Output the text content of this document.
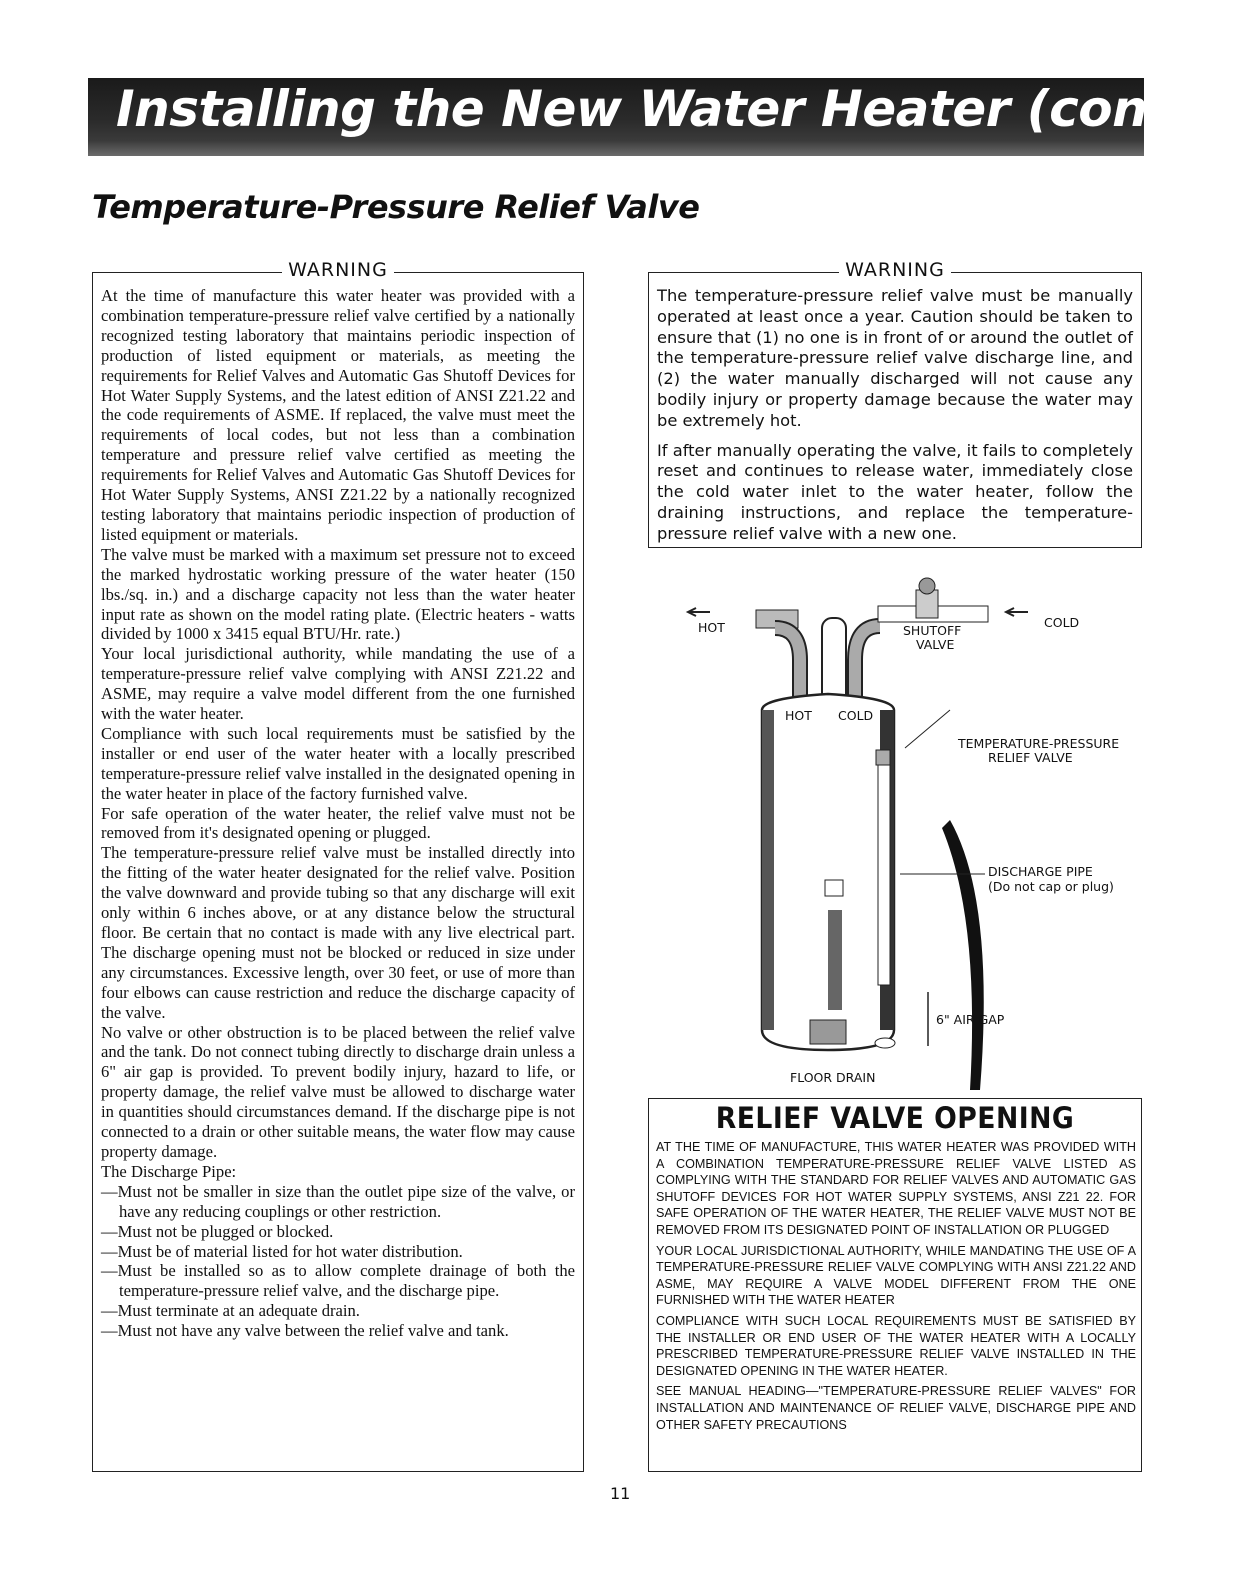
Installing the New Water Heater (cont'd)
Temperature-Pressure Relief Valve
WARNING

At the time of manufacture this water heater was provided with a combination temperature-pressure relief valve certified by a nationally recognized testing laboratory that maintains periodic inspection of production of listed equipment or materials, as meeting the requirements for Relief Valves and Automatic Gas Shutoff Devices for Hot Water Supply Systems, and the latest edition of ANSI Z21.22 and the code requirements of ASME. If replaced, the valve must meet the requirements of local codes, but not less than a combination temperature and pressure relief valve certified as meeting the requirements for Relief Valves and Automatic Gas Shutoff Devices for Hot Water Supply Systems, ANSI Z21.22 by a nationally recognized testing laboratory that maintains periodic inspection of production of listed equipment or materials.

The valve must be marked with a maximum set pressure not to exceed the marked hydrostatic working pressure of the water heater (150 lbs./sq. in.) and a discharge capacity not less than the water heater input rate as shown on the model rating plate. (Electric heaters - watts divided by 1000 x 3415 equal BTU/Hr. rate.)

Your local jurisdictional authority, while mandating the use of a temperature-pressure relief valve complying with ANSI Z21.22 and ASME, may require a valve model different from the one furnished with the water heater.

Compliance with such local requirements must be satisfied by the installer or end user of the water heater with a locally prescribed temperature-pressure relief valve installed in the designated opening in the water heater in place of the factory furnished valve.

For safe operation of the water heater, the relief valve must not be removed from it's designated opening or plugged.

The temperature-pressure relief valve must be installed directly into the fitting of the water heater designated for the relief valve. Position the valve downward and provide tubing so that any discharge will exit only within 6 inches above, or at any distance below the structural floor. Be certain that no contact is made with any live electrical part. The discharge opening must not be blocked or reduced in size under any circumstances. Excessive length, over 30 feet, or use of more than four elbows can cause restriction and reduce the discharge capacity of the valve.

No valve or other obstruction is to be placed between the relief valve and the tank. Do not connect tubing directly to discharge drain unless a 6" air gap is provided. To prevent bodily injury, hazard to life, or property damage, the relief valve must be allowed to discharge water in quantities should circumstances demand. If the discharge pipe is not connected to a drain or other suitable means, the water flow may cause property damage.

The Discharge Pipe:

—Must not be smaller in size than the outlet pipe size of the valve, or have any reducing couplings or other restriction.

—Must not be plugged or blocked.

—Must be of material listed for hot water distribution.

—Must be installed so as to allow complete drainage of both the temperature-pressure relief valve, and the discharge pipe.

—Must terminate at an adequate drain.

—Must not have any valve between the relief valve and tank.

WARNING

The temperature-pressure relief valve must be manually operated at least once a year. Caution should be taken to ensure that (1) no one is in front of or around the outlet of the temperature-pressure relief valve discharge line, and (2) the water manually discharged will not cause any bodily injury or property damage because the water may be extremely hot.

If after manually operating the valve, it fails to completely reset and continues to release water, immediately close the cold water inlet to the water heater, follow the draining instructions, and replace the temperature-pressure relief valve with a new one.

HOT	COLD
SHUTOFF
VALVE
HOT COLD
TEMPERATURE-PRESSURE
RELIEF VALVE
DISCHARGE PIPE
(Do not cap or plug)
6" AIR GAP
FLOOR DRAIN
RELIEF VALVE OPENING

AT THE TIME OF MANUFACTURE, THIS WATER HEATER WAS PROVIDED WITH A COMBINATION TEMPERATURE-PRESSURE RELIEF VALVE LISTED AS COMPLYING WITH THE STANDARD FOR RELIEF VALVES AND AUTOMATIC GAS SHUTOFF DEVICES FOR HOT WATER SUPPLY SYSTEMS, ANSI Z21 22. FOR SAFE OPERATION OF THE WATER HEATER, THE RELIEF VALVE MUST NOT BE REMOVED FROM ITS DESIGNATED POINT OF INSTALLATION OR PLUGGED

YOUR LOCAL JURISDICTIONAL AUTHORITY, WHILE MANDATING THE USE OF A TEMPERATURE-PRESSURE RELIEF VALVE COMPLYING WITH ANSI Z21.22 AND ASME, MAY REQUIRE A VALVE MODEL DIFFERENT FROM THE ONE FURNISHED WITH THE WATER HEATER

COMPLIANCE WITH SUCH LOCAL REQUIREMENTS MUST BE SATISFIED BY THE INSTALLER OR END USER OF THE WATER HEATER WITH A LOCALLY PRESCRIBED TEMPERATURE-PRESSURE RELIEF VALVE INSTALLED IN THE DESIGNATED OPENING IN THE WATER HEATER.

SEE MANUAL HEADING—"TEMPERATURE-PRESSURE RELIEF VALVES" FOR INSTALLATION AND MAINTENANCE OF RELIEF VALVE, DISCHARGE PIPE AND OTHER SAFETY PRECAUTIONS

11
